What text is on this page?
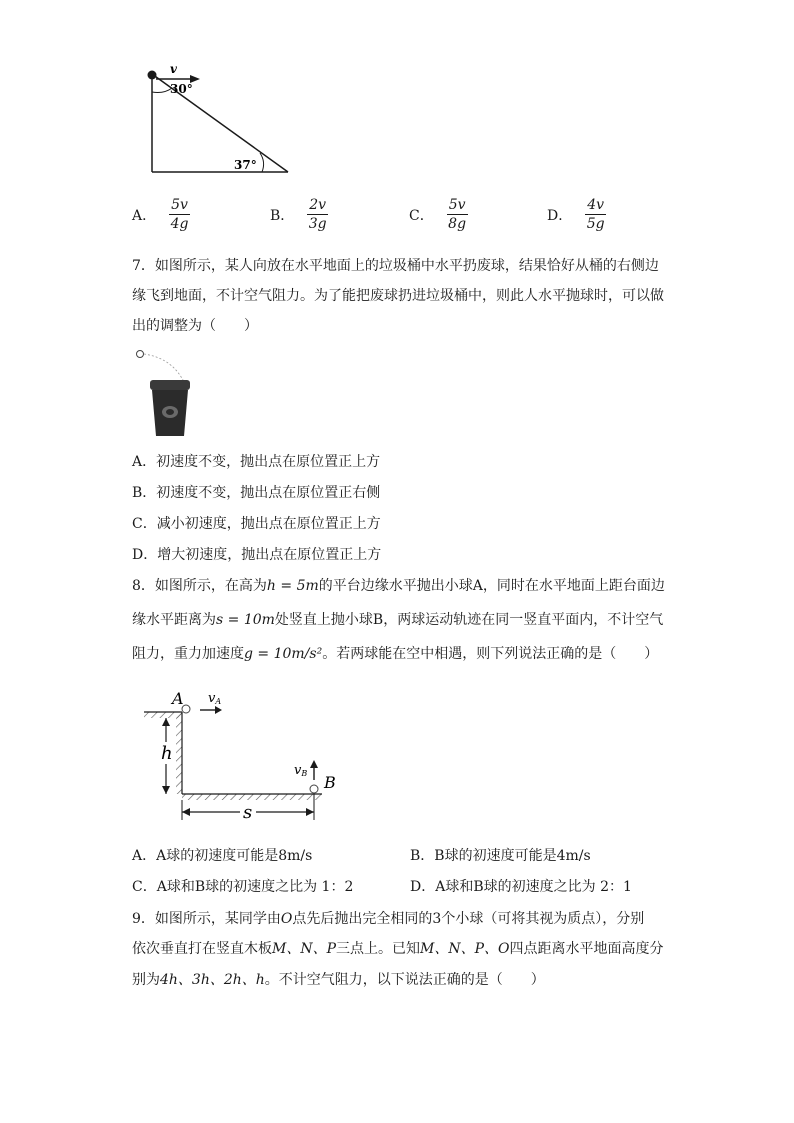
v
30°
37°
A． $\frac{5v}{4g}$	B． $\frac{2v}{3g}$	C． $\frac{5v}{8g}$	D． $\frac{4v}{5g}$
7．如图所示，某人向放在水平地面上的垃圾桶中水平扔废球，结果恰好从桶的右侧边
缘飞到地面，不计空气阻力。为了能把废球扔进垃圾桶中，则此人水平抛球时，可以做
出的调整为（　　）
A．初速度不变，抛出点在原位置正上方
B．初速度不变，抛出点在原位置正右侧
C．减小初速度，抛出点在原位置正上方
D．增大初速度，抛出点在原位置正上方
8．如图所示，在高为h = 5m的平台边缘水平抛出小球A，同时在水平地面上距台面边
缘水平距离为s = 10m处竖直上抛小球B，两球运动轨迹在同一竖直平面内，不计空气
阻力，重力加速度g = 10m/s²。若两球能在空中相遇，则下列说法正确的是（　　）
A vA
h
B
vB
s
A．A球的初速度可能是8m/s	B．B球的初速度可能是4m/s
C．A球和B球的初速度之比为 1：2	D．A球和B球的初速度之比为 2：1
9．如图所示，某同学由O点先后抛出完全相同的3个小球（可将其视为质点），分别
依次垂直打在竖直木板M、N、P三点上。已知M、N、P、O四点距离水平地面高度分
别为4h、3h、2h、h。不计空气阻力，以下说法正确的是（　　）
